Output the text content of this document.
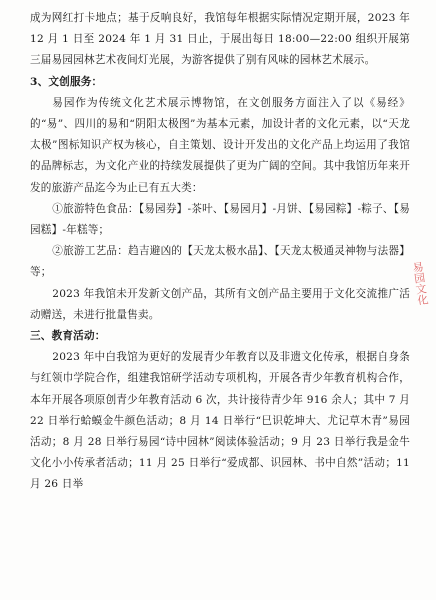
成为网红打卡地点；基于反响良好，我馆每年根据实际情况定期开展，2023 年 12 月 1 日至 2024 年 1 月 31 日止，于展出每日 18:00—22:00 组织开展第三届易园园林艺术夜间灯光展，为游客提供了别有风味的园林艺术展示。

3、文创服务：

易园作为传统文化艺术展示博物馆，在文创服务方面注入了以《易经》的“易”、四川的易和“阴阳太极图”为基本元素，加设计者的文化元素，以“天龙太极”图标知识产权为核心，自主策划、设计开发出的文化产品上均运用了我馆的品牌标志，为文化产业的持续发展提供了更为广阔的空间。其中我馆历年来开发的旅游产品迄今为止已有五大类：

①旅游特色食品：【易园券】-茶叶、【易园月】-月饼、【易园粽】-粽子、【易园糕】-年糕等；

②旅游工艺品：趋吉避凶的【天龙太极水晶】、【天龙太极通灵神物与法器】等；

2023 年我馆未开发新文创产品，其所有文创产品主要用于文化交流推广活动赠送，未进行批量售卖。

三、教育活动：

2023 年中白我馆为更好的发展青少年教育以及非遗文化传承，根据自身条与红领巾学院合作，组建我馆研学活动专项机构，开展各青少年教育机构合作，本年开展各项原创青少年教育活动 6 次，共计接待青少年 916 余人；其中 7 月 22 日举行蛤蟆金牛颜色活动；8 月 14 日举行“巳识乾坤大、尤记草木青”易园活动；8 月 28 日举行易园“诗中园林”阅读体验活动；9 月 23 日举行我是金牛文化小小传承者活动；11 月 25 日举行“爱成都、识园林、书中自然”活动；11 月 26 日举

易园文化
